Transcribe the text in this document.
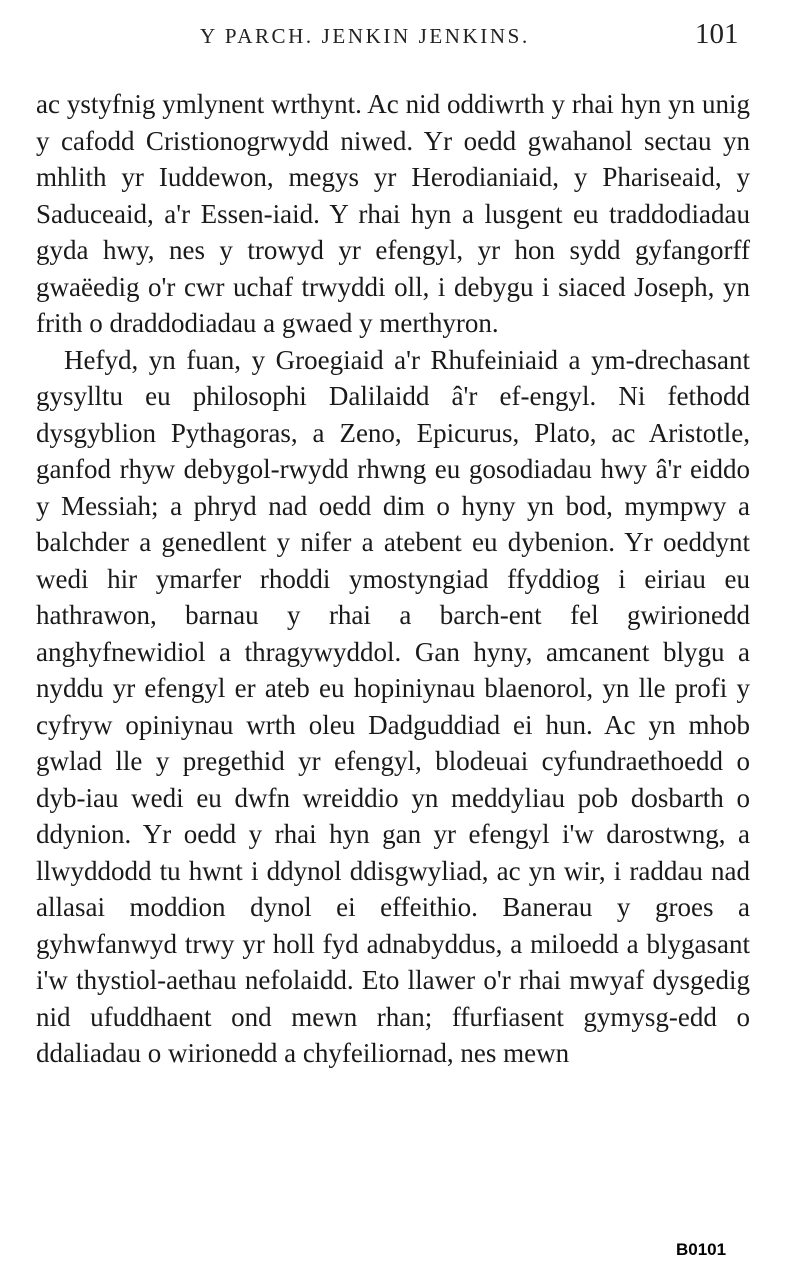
Y PARCH. JENKIN JENKINS.	101

ac ystyfnig ymlynent wrthynt. Ac nid oddiwrth y rhai hyn yn unig y cafodd Cristionogrwydd niwed. Yr oedd gwahanol sectau yn mhlith yr Iuddewon, megys yr Herodianiaid, y Phariseaid, y Saduceaid, a'r Essen-iaid. Y rhai hyn a lusgent eu traddodiadau gyda hwy, nes y trowyd yr efengyl, yr hon sydd gyfangorff gwaëedig o'r cwr uchaf trwyddi oll, i debygu i siaced Joseph, yn frith o draddodiadau a gwaed y merthyron.

Hefyd, yn fuan, y Groegiaid a'r Rhufeiniaid a ym-drechasant gysylltu eu philosophi Dalilaidd â'r ef-engyl. Ni fethodd dysgyblion Pythagoras, a Zeno, Epicurus, Plato, ac Aristotle, ganfod rhyw debygol-rwydd rhwng eu gosodiadau hwy â'r eiddo y Messiah; a phryd nad oedd dim o hyny yn bod, mympwy a balchder a genedlent y nifer a atebent eu dybenion. Yr oeddynt wedi hir ymarfer rhoddi ymostyngiad ffyddiog i eiriau eu hathrawon, barnau y rhai a barch-ent fel gwirionedd anghyfnewidiol a thragywyddol. Gan hyny, amcanent blygu a nyddu yr efengyl er ateb eu hopiniynau blaenorol, yn lle profi y cyfryw opiniynau wrth oleu Dadguddiad ei hun. Ac yn mhob gwlad lle y pregethid yr efengyl, blodeuai cyfundraethoedd o dyb-iau wedi eu dwfn wreiddio yn meddyliau pob dosbarth o ddynion. Yr oedd y rhai hyn gan yr efengyl i'w darostwng, a llwyddodd tu hwnt i ddynol ddisgwyliad, ac yn wir, i raddau nad allasai moddion dynol ei effeithio. Banerau y groes a gyhwfanwyd trwy yr holl fyd adnabyddus, a miloedd a blygasant i'w thystiol-aethau nefolaidd. Eto llawer o'r rhai mwyaf dysgedig nid ufuddhaent ond mewn rhan; ffurfiasent gymysg-edd o ddaliadau o wirionedd a chyfeiliornad, nes mewn

B0101
